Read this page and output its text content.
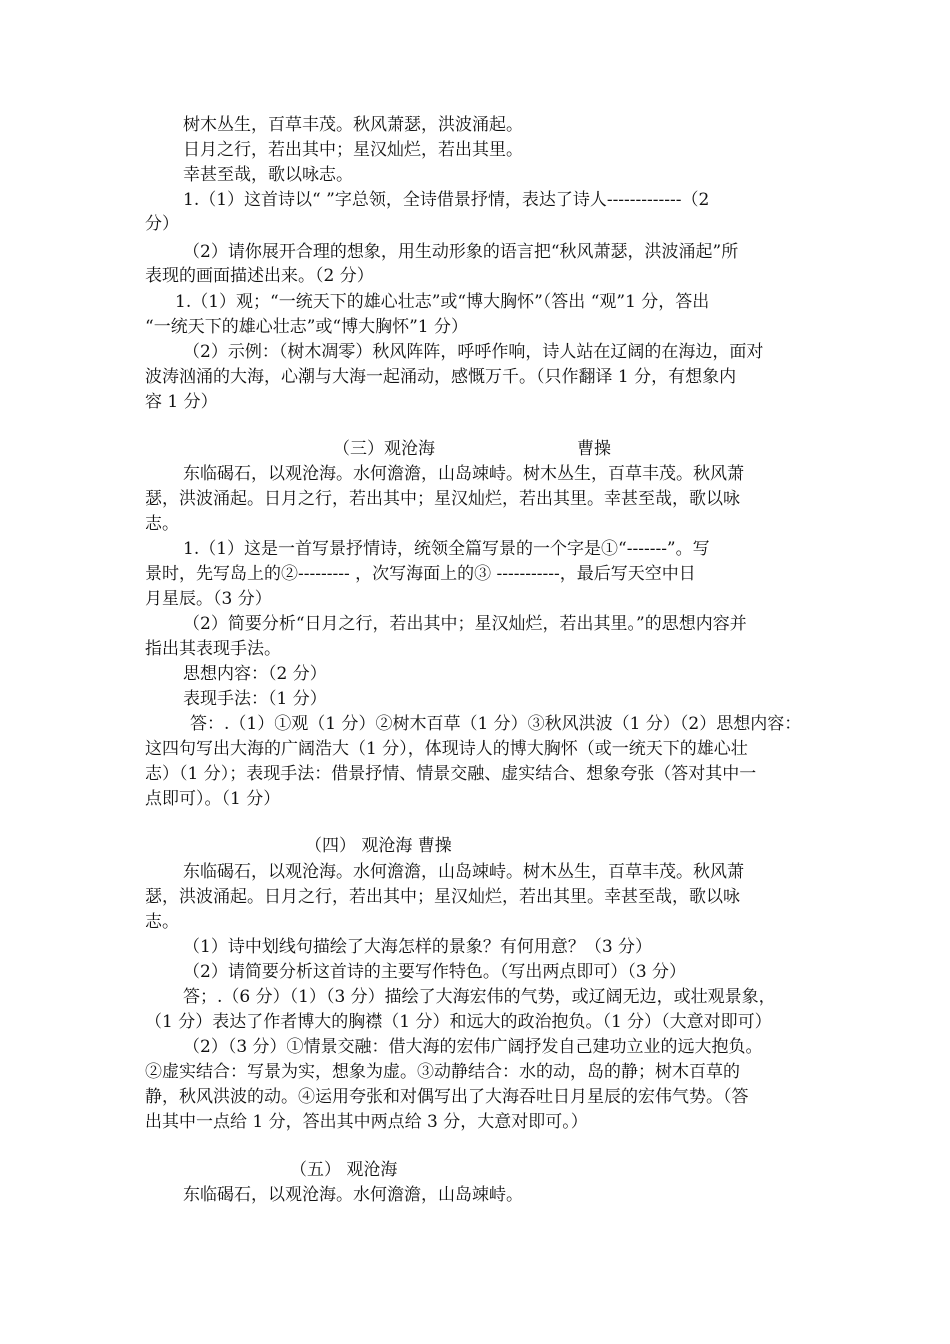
树木丛生，百草丰茂。秋风萧瑟，洪波涌起。

日月之行，若出其中；星汉灿烂，若出其里。

幸甚至哉，歌以咏志。

1.（1）这首诗以“ ”字总领，全诗借景抒情，表达了诗人-------------（2

分）

（2）请你展开合理的想象，用生动形象的语言把“秋风萧瑟，洪波涌起”所

表现的画面描述出来。（2 分）

1.（1）观；“一统天下的雄心壮志”或“博大胸怀”（答出 “观”1 分，答出

“一统天下的雄心壮志”或“博大胸怀”1 分）

（2）示例：（树木凋零）秋风阵阵，呼呼作响，诗人站在辽阔的在海边，面对

波涛汹涌的大海，心潮与大海一起涌动，感慨万千。（只作翻译 1 分，有想象内

容 1 分）

（三）观沧海	曹操

东临碣石，以观沧海。水何澹澹，山岛竦峙。树木丛生，百草丰茂。秋风萧

瑟，洪波涌起。日月之行，若出其中；星汉灿烂，若出其里。幸甚至哉，歌以咏

志。

1.（1）这是一首写景抒情诗，统领全篇写景的一个字是①“-------”。写

景时，先写岛上的②--------- ，次写海面上的③ -----------，最后写天空中日

月星辰。（3 分）

（2）简要分析“日月之行，若出其中；星汉灿烂，若出其里。”的思想内容并

指出其表现手法。

思想内容：（2 分）

表现手法：（1 分）

答：.（1）①观（1 分）②树木百草（1 分）③秋风洪波（1 分）（2）思想内容：

这四句写出大海的广阔浩大（1 分），体现诗人的博大胸怀（或一统天下的雄心壮

志）（1 分）；表现手法：借景抒情、情景交融、虚实结合、想象夸张（答对其中一

点即可）。（1 分）

（四） 观沧海 曹操

东临碣石，以观沧海。水何澹澹，山岛竦峙。树木丛生，百草丰茂。秋风萧

瑟，洪波涌起。日月之行，若出其中；星汉灿烂，若出其里。幸甚至哉，歌以咏

志。

（1）诗中划线句描绘了大海怎样的景象？有何用意？（3 分）

（2）请简要分析这首诗的主要写作特色。（写出两点即可）（3 分）

答；.（6 分）（1）（3 分）描绘了大海宏伟的气势，或辽阔无边，或壮观景象，

（1 分）表达了作者博大的胸襟（1 分）和远大的政治抱负。（1 分）（大意对即可）

（2）（3 分）①情景交融：借大海的宏伟广阔抒发自己建功立业的远大抱负。

②虚实结合：写景为实，想象为虚。③动静结合：水的动，岛的静；树木百草的

静，秋风洪波的动。④运用夸张和对偶写出了大海吞吐日月星辰的宏伟气势。（答

出其中一点给 1 分，答出其中两点给 3 分，大意对即可。）

（五） 观沧海

东临碣石，以观沧海。水何澹澹，山岛竦峙。
